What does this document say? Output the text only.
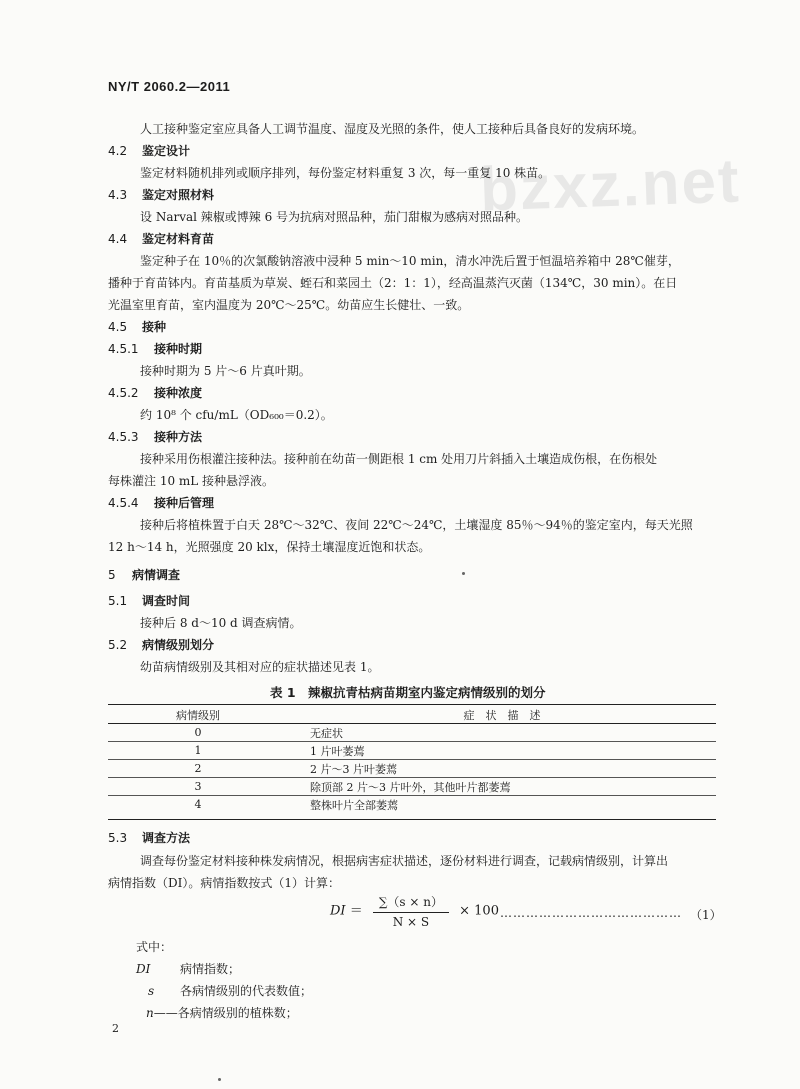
NY/T 2060.2—2011
bzxz.net
人工接种鉴定室应具备人工调节温度、湿度及光照的条件，使人工接种后具备良好的发病环境。
4.2 鉴定设计
鉴定材料随机排列或顺序排列，每份鉴定材料重复 3 次，每一重复 10 株苗。
4.3 鉴定对照材料
设 Narval 辣椒或博辣 6 号为抗病对照品种，茄门甜椒为感病对照品种。
4.4 鉴定材料育苗
鉴定种子在 10％的次氯酸钠溶液中浸种 5 min～10 min，清水冲洗后置于恒温培养箱中 28℃催芽，
播种于育苗钵内。育苗基质为草炭、蛭石和菜园土（2：1：1），经高温蒸汽灭菌（134℃，30 min）。在日
光温室里育苗，室内温度为 20℃～25℃。幼苗应生长健壮、一致。
4.5 接种
4.5.1 接种时期
接种时期为 5 片～6 片真叶期。
4.5.2 接种浓度
约 10⁸ 个 cfu/mL（OD₆₀₀＝0.2）。
4.5.3 接种方法
接种采用伤根灌注接种法。接种前在幼苗一侧距根 1 cm 处用刀片斜插入土壤造成伤根，在伤根处
每株灌注 10 mL 接种悬浮液。
4.5.4 接种后管理
接种后将植株置于白天 28℃～32℃、夜间 22℃～24℃，土壤湿度 85％～94％的鉴定室内，每天光照
12 h～14 h，光照强度 20 klx，保持土壤湿度近饱和状态。
5 病情调查
5.1 调查时间
接种后 8 d～10 d 调查病情。
5.2 病情级别划分
幼苗病情级别及其相对应的症状描述见表 1。
表 1　辣椒抗青枯病苗期室内鉴定病情级别的划分
病情级别	症　状　描　述
0	无症状
1	1 片叶萎蔫
2	2 片～3 片叶萎蔫
3	除顶部 2 片～3 片叶外，其他叶片都萎蔫
4	整株叶片全部萎蔫
5.3 调查方法
调查每份鉴定材料接种株发病情况，根据病害症状描述，逐份材料进行调查，记载病情级别，计算出
病情指数（DI）。病情指数按式（1）计算：
DI ＝ $\frac{\sum(s \times n)}{N \times S} \times 100$ …………………………………… （1）
式中：
DI 病情指数；
s 各病情级别的代表数值；
n——各病情级别的植株数；
2
